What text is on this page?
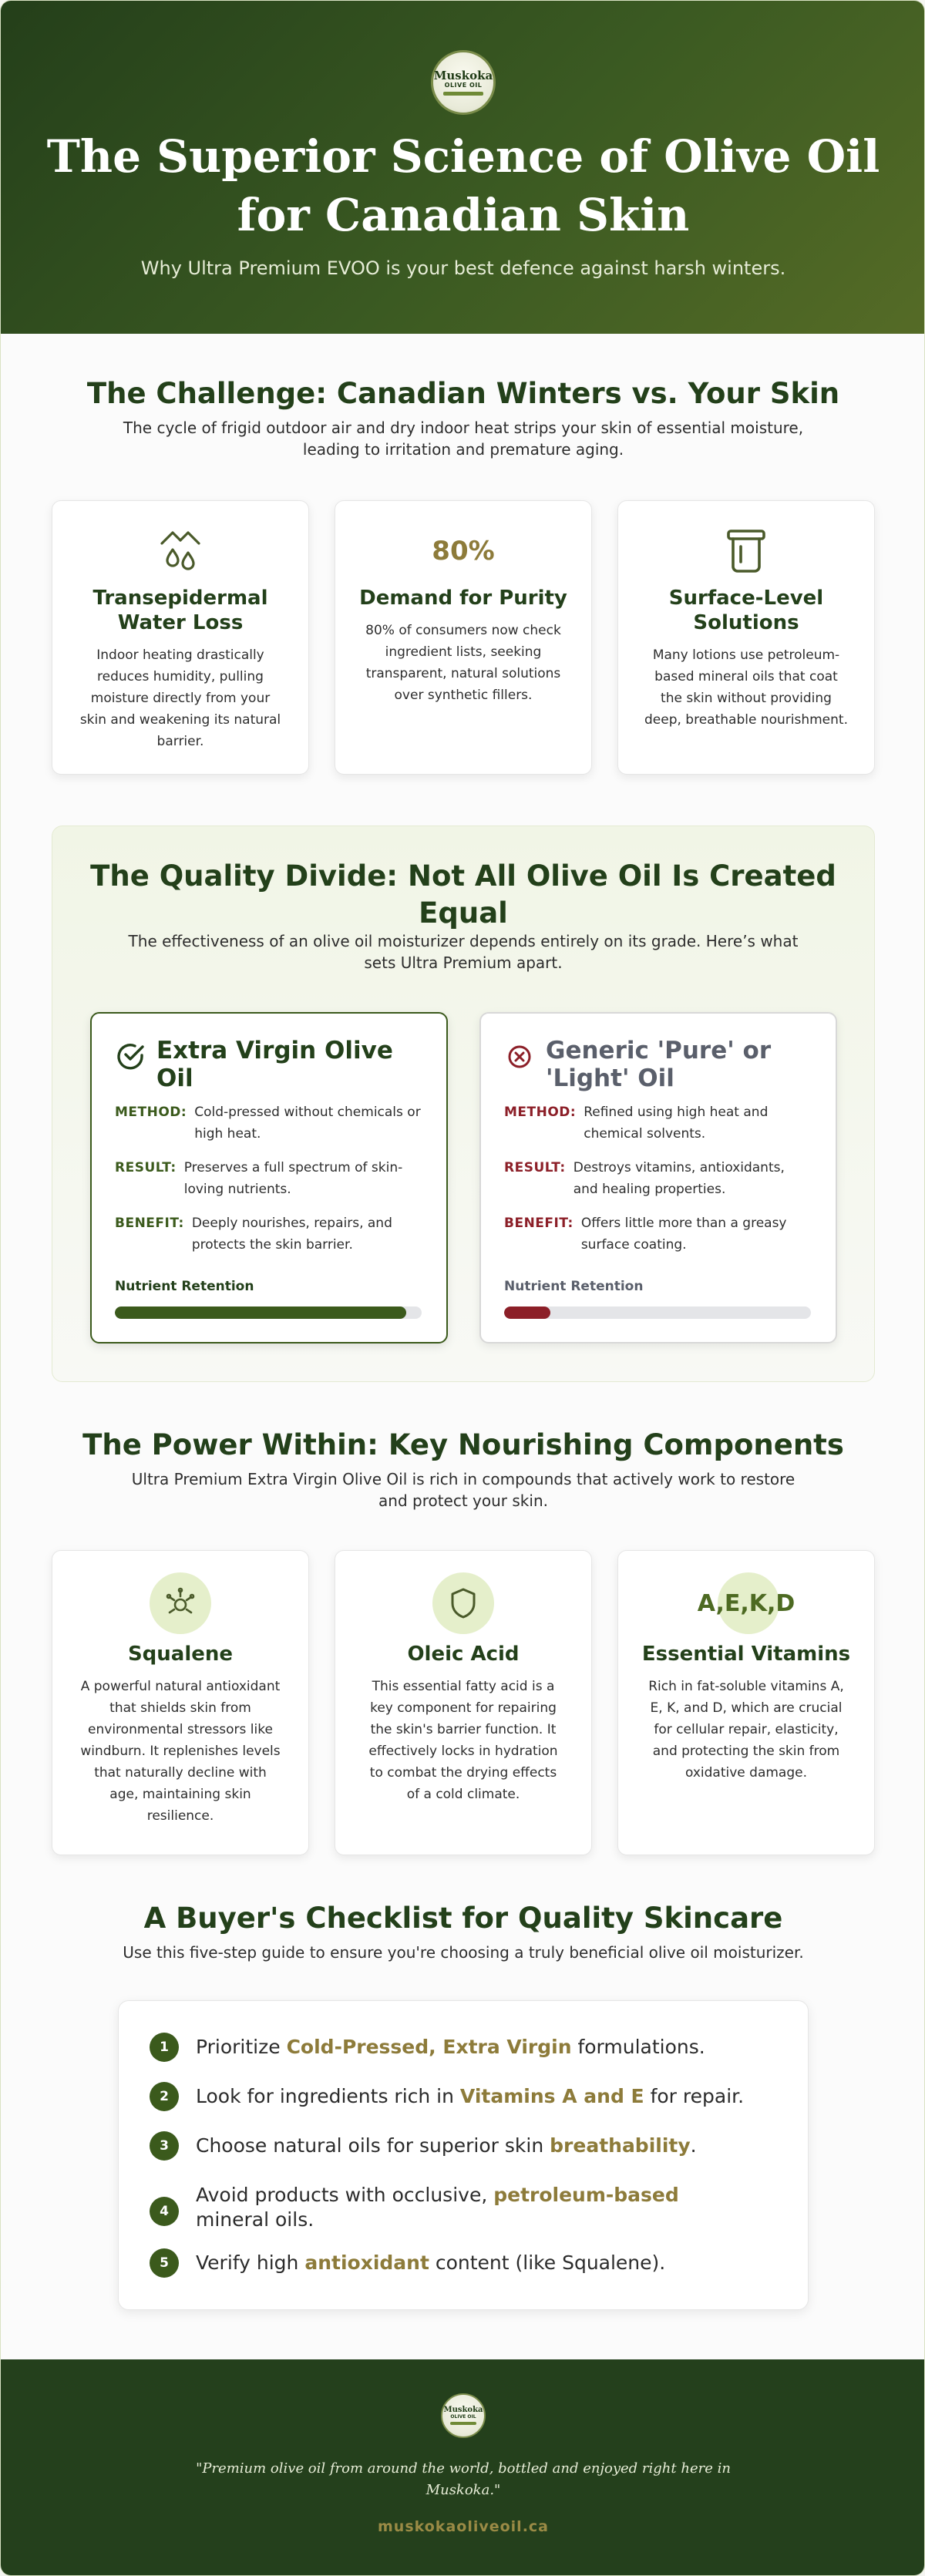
Muskoka
OLIVE OIL
The Superior Science of Olive Oil
for Canadian Skin
Why Ultra Premium EVOO is your best defence against harsh winters.
The Challenge: Canadian Winters vs. Your Skin

The cycle of frigid outdoor air and dry indoor heat strips your skin of essential moisture, leading to irritation and premature aging.

Transepidermal Water Loss
Indoor heating drastically reduces humidity, pulling moisture directly from your skin and weakening its natural barrier.
80%
Demand for Purity
80% of consumers now check ingredient lists, seeking transparent, natural solutions over synthetic fillers.
Surface-Level Solutions
Many lotions use petroleum-based mineral oils that coat the skin without providing deep, breathable nourishment.
The Quality Divide: Not All Olive Oil Is Created Equal

The effectiveness of an olive oil moisturizer depends entirely on its grade. Here’s what sets Ultra Premium apart.

Extra Virgin Olive Oil
METHOD: Cold-pressed without chemicals or high heat.
RESULT: Preserves a full spectrum of skin-loving nutrients.
BENEFIT: Deeply nourishes, repairs, and protects the skin barrier.
Nutrient Retention
Generic 'Pure' or 'Light' Oil
METHOD: Refined using high heat and chemical solvents.
RESULT: Destroys vitamins, antioxidants, and healing properties.
BENEFIT: Offers little more than a greasy surface coating.
Nutrient Retention
The Power Within: Key Nourishing Components

Ultra Premium Extra Virgin Olive Oil is rich in compounds that actively work to restore and protect your skin.

Squalene
A powerful natural antioxidant that shields skin from environmental stressors like windburn. It replenishes levels that naturally decline with age, maintaining skin resilience.
Oleic Acid
This essential fatty acid is a key component for repairing the skin's barrier function. It effectively locks in hydration to combat the drying effects of a cold climate.
A,E,K,D
Essential Vitamins
Rich in fat-soluble vitamins A, E, K, and D, which are crucial for cellular repair, elasticity, and protecting the skin from oxidative damage.
A Buyer's Checklist for Quality Skincare

Use this five-step guide to ensure you're choosing a truly beneficial olive oil moisturizer.

1	Prioritize Cold-Pressed, Extra Virgin formulations.
2	Look for ingredients rich in Vitamins A and E for repair.
3	Choose natural oils for superior skin breathability.
4
Avoid products with occlusive, petroleum-based mineral oils.
5	Verify high antioxidant content (like Squalene).
Muskoka
OLIVE OIL

"Premium olive oil from around the world, bottled and enjoyed right here in Muskoka."

muskokaoliveoil.ca
